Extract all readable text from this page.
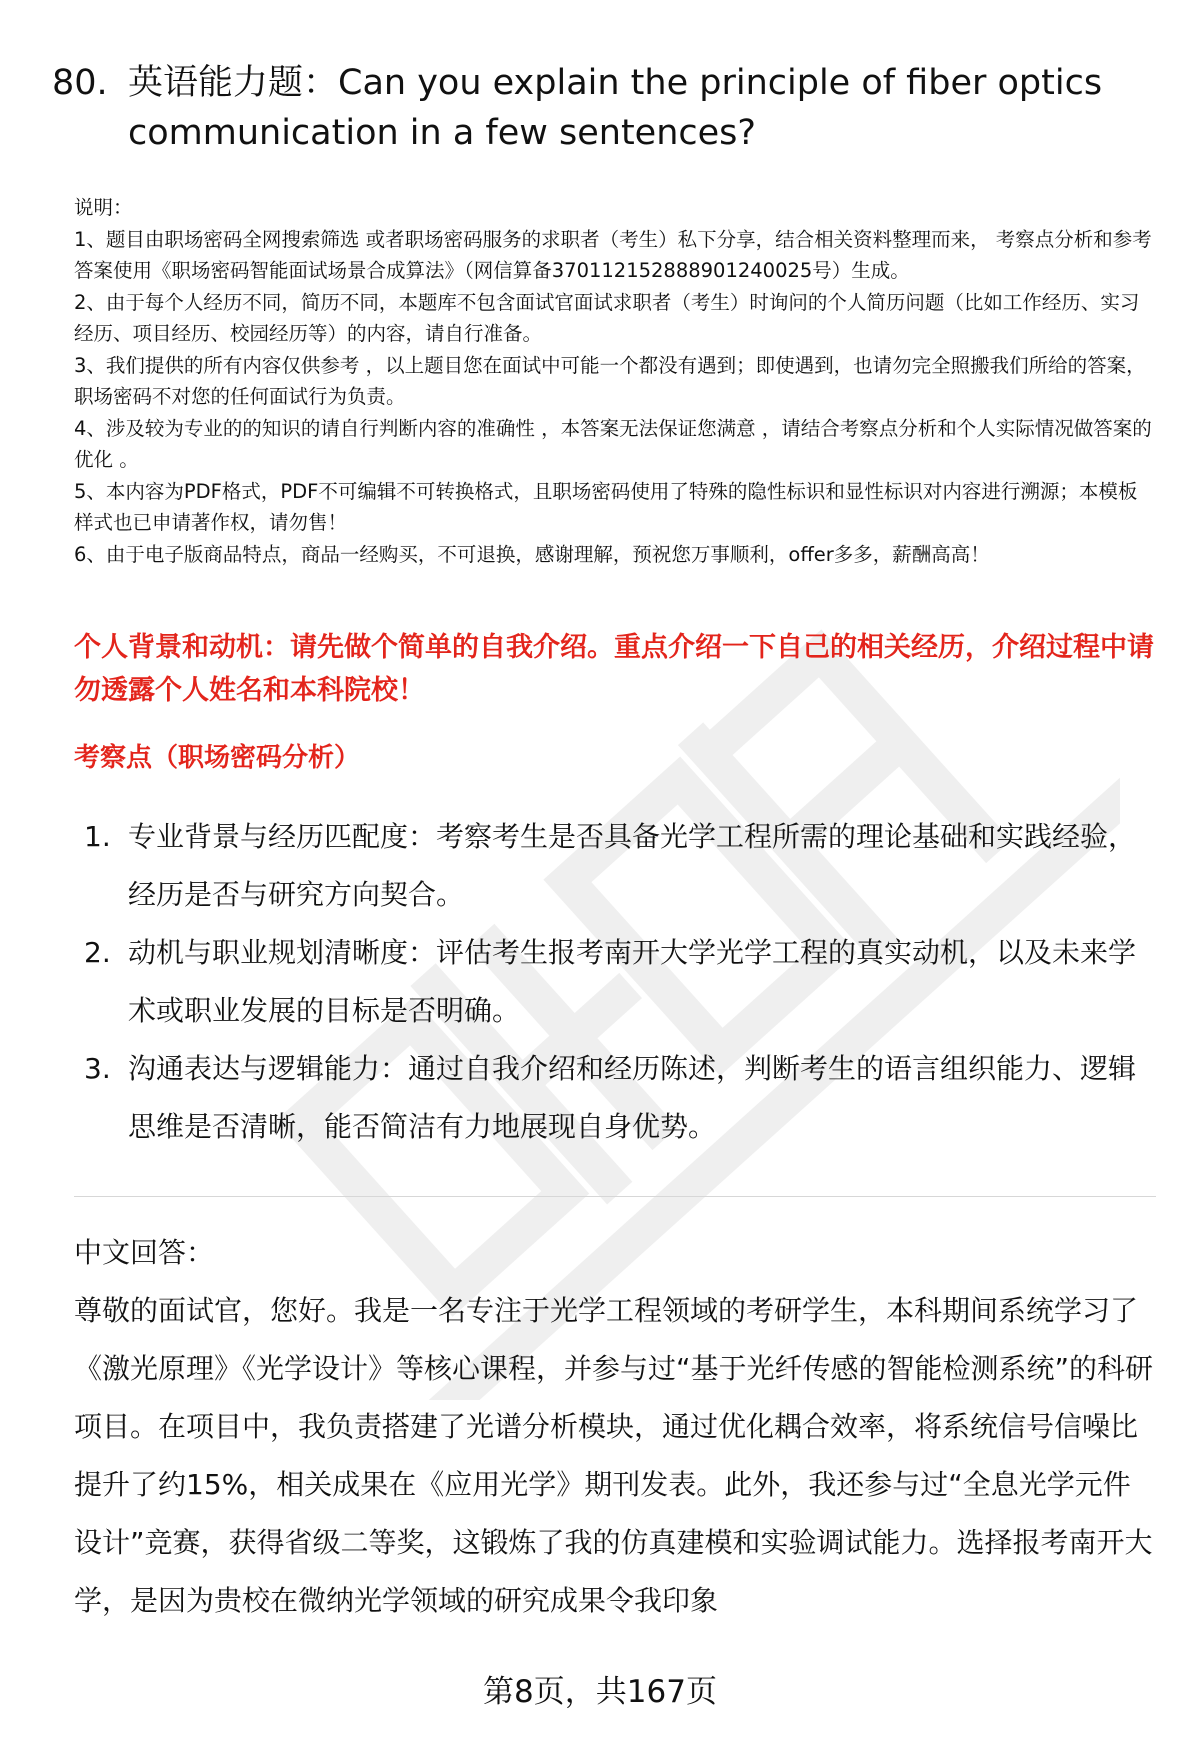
80. 英语能力题：Can you explain the principle of fiber optics
communication in a few sentences?

说明：

1、题目由职场密码全网搜索筛选 或者职场密码服务的求职者（考生）私下分享，结合相关资料整理而来， 考察点分析和参考答案使用《职场密码智能面试场景合成算法》（网信算备370112152888901240025号）生成。

2、由于每个人经历不同，简历不同，本题库不包含面试官面试求职者（考生）时询问的个人简历问题（比如工作经历、实习经历、项目经历、校园经历等）的内容，请自行准备。

3、我们提供的所有内容仅供参考 ，以上题目您在面试中可能一个都没有遇到；即使遇到，也请勿完全照搬我们所给的答案，职场密码不对您的任何面试行为负责。

4、涉及较为专业的的知识的请自行判断内容的准确性 ，本答案无法保证您满意 ，请结合考察点分析和个人实际情况做答案的优化 。

5、本内容为PDF格式，PDF不可编辑不可转换格式，且职场密码使用了特殊的隐性标识和显性标识对内容进行溯源；本模板样式也已申请著作权，请勿售！

6、由于电子版商品特点，商品一经购买，不可退换，感谢理解，预祝您万事顺利，offer多多，薪酬高高！

个人背景和动机：请先做个简单的自我介绍。重点介绍一下自己的相关经历，介绍过程中请勿透露个人姓名和本科院校！
考察点（职场密码分析）
1. 专业背景与经历匹配度：考察考生是否具备光学工程所需的理论基础和实践经验，经历是否与研究方向契合。
2. 动机与职业规划清晰度：评估考生报考南开大学光学工程的真实动机，以及未来学术或职业发展的目标是否明确。
3. 沟通表达与逻辑能力：通过自我介绍和经历陈述，判断考生的语言组织能力、逻辑思维是否清晰，能否简洁有力地展现自身优势。

中文回答：

尊敬的面试官，您好。我是一名专注于光学工程领域的考研学生，本科期间系统学习了《激光原理》《光学设计》等核心课程，并参与过“基于光纤传感的智能检测系统”的科研项目。在项目中，我负责搭建了光谱分析模块，通过优化耦合效率，将系统信号信噪比提升了约15%，相关成果在《应用光学》期刊发表。此外，我还参与过“全息光学元件设计”竞赛，获得省级二等奖，这锻炼了我的仿真建模和实验调试能力。选择报考南开大学，是因为贵校在微纳光学领域的研究成果令我印象

第8页，共167页
